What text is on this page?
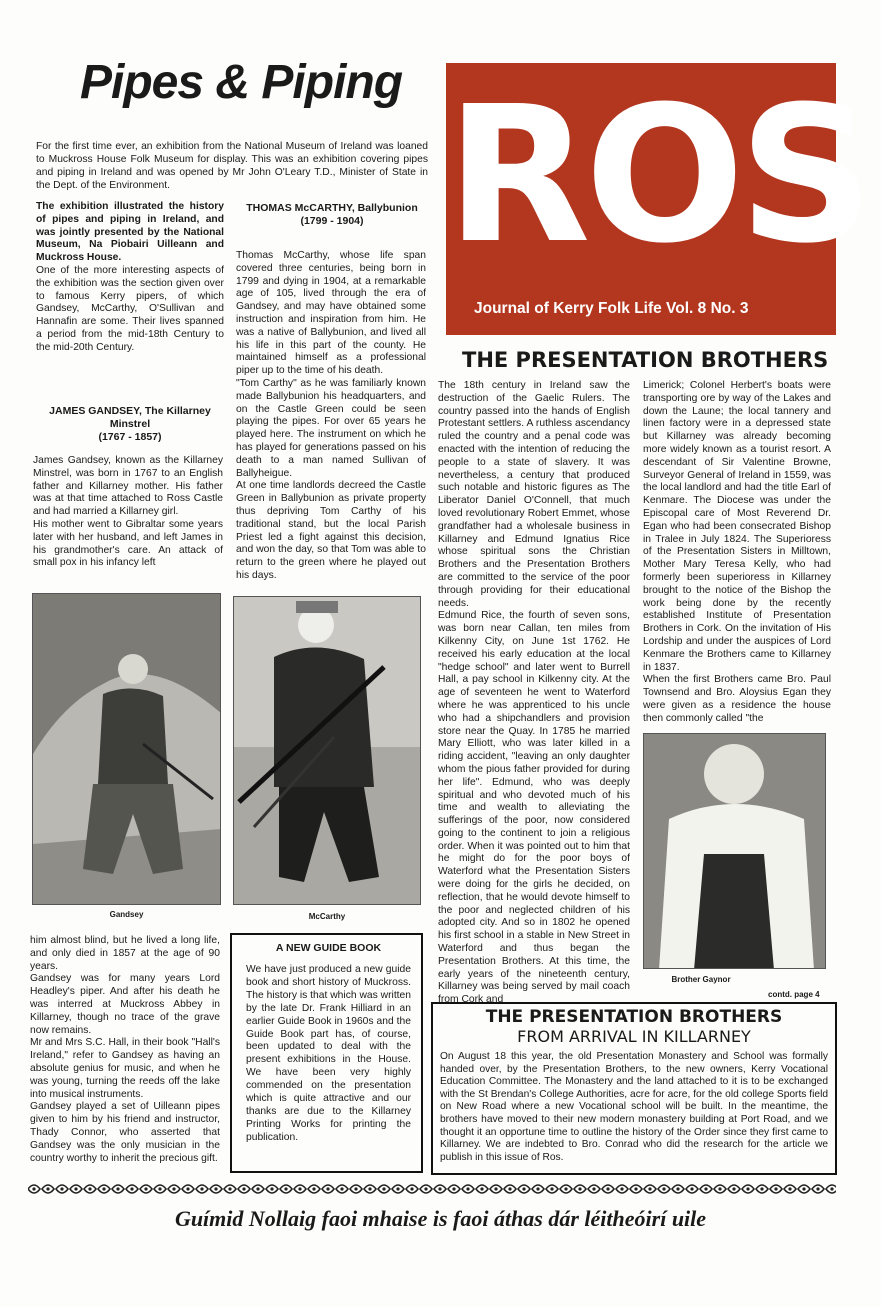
Pipes & Piping
For the first time ever, an exhibition from the National Museum of Ireland was loaned to Muckross House Folk Museum for display. This was an exhibition covering pipes and piping in Ireland and was opened by Mr John O'Leary T.D., Minister of State in the Dept. of the Environment.

The exhibition illustrated the history of pipes and piping in Ireland, and was jointly presented by the National Museum, Na Piobairi Uilleann and Muckross House.

One of the more interesting aspects of the exhibition was the section given over to famous Kerry pipers, of which Gandsey, McCarthy, O'Sullivan and Hannafin are some. Their lives spanned a period from the mid-18th Century to the mid-20th Century.

JAMES GANDSEY, The Killarney Minstrel
(1767 - 1857)

James Gandsey, known as the Killarney Minstrel, was born in 1767 to an English father and Killarney mother. His father was at that time attached to Ross Castle and had married a Killarney girl.

His mother went to Gibraltar some years later with her husband, and left James in his grandmother's care. An attack of small pox in his infancy left

THOMAS McCARTHY, Ballybunion
(1799 - 1904)

Thomas McCarthy, whose life span covered three centuries, being born in 1799 and dying in 1904, at a remarkable age of 105, lived through the era of Gandsey, and may have obtained some instruction and inspiration from him. He was a native of Ballybunion, and lived all his life in this part of the county. He maintained himself as a professional piper up to the time of his death.

"Tom Carthy" as he was familiarly known made Ballybunion his headquarters, and on the Castle Green could be seen playing the pipes. For over 65 years he played here. The instrument on which he has played for generations passed on his death to a man named Sullivan of Ballyheigue.

At one time landlords decreed the Castle Green in Ballybunion as private property thus depriving Tom Carthy of his traditional stand, but the local Parish Priest led a fight against this decision, and won the day, so that Tom was able to return to the green where he played out his days.

Gandsey	McCarthy

him almost blind, but he lived a long life, and only died in 1857 at the age of 90 years.

Gandsey was for many years Lord Headley's piper. And after his death he was interred at Muckross Abbey in Killarney, though no trace of the grave now remains.

Mr and Mrs S.C. Hall, in their book "Hall's Ireland," refer to Gandsey as having an absolute genius for music, and when he was young, turning the reeds off the lake into musical instruments.

Gandsey played a set of Uilleann pipes given to him by his friend and instructor, Thady Connor, who asserted that Gandsey was the only musician in the country worthy to inherit the precious gift.

A NEW GUIDE BOOK
We have just produced a new guide book and short history of Muckross. The history is that which was written by the late Dr. Frank Hilliard in an earlier Guide Book in 1960s and the Guide Book part has, of course, been updated to deal with the present exhibitions in the House. We have been very highly commended on the presentation which is quite attractive and our thanks are due to the Killarney Printing Works for printing the publication.
ROS
Journal of Kerry Folk Life Vol. 8 No. 3
THE PRESENTATION BROTHERS

The 18th century in Ireland saw the destruction of the Gaelic Rulers. The country passed into the hands of English Protestant settlers. A ruthless ascendancy ruled the country and a penal code was enacted with the intention of reducing the people to a state of slavery. It was nevertheless, a century that produced such notable and historic figures as The Liberator Daniel O'Connell, that much loved revolutionary Robert Emmet, whose grandfather had a wholesale business in Killarney and Edmund Ignatius Rice whose spiritual sons the Christian Brothers and the Presentation Brothers are committed to the service of the poor through providing for their educational needs.

Edmund Rice, the fourth of seven sons, was born near Callan, ten miles from Kilkenny City, on June 1st 1762. He received his early education at the local "hedge school" and later went to Burrell Hall, a pay school in Kilkenny city. At the age of seventeen he went to Waterford where he was apprenticed to his uncle who had a shipchandlers and provision store near the Quay. In 1785 he married Mary Elliott, who was later killed in a riding accident, "leaving an only daughter whom the pious father provided for during her life". Edmund, who was deeply spiritual and who devoted much of his time and wealth to alleviating the sufferings of the poor, now considered going to the continent to join a religious order. When it was pointed out to him that he might do for the poor boys of Waterford what the Presentation Sisters were doing for the girls he decided, on reflection, that he would devote himself to the poor and neglected children of his adopted city. And so in 1802 he opened his first school in a stable in New Street in Waterford and thus began the Presentation Brothers. At this time, the early years of the nineteenth century, Killarney was being served by mail coach from Cork and

Limerick; Colonel Herbert's boats were transporting ore by way of the Lakes and down the Laune; the local tannery and linen factory were in a depressed state but Killarney was already becoming more widely known as a tourist resort. A descendant of Sir Valentine Browne, Surveyor General of Ireland in 1559, was the local landlord and had the title Earl of Kenmare. The Diocese was under the Episcopal care of Most Reverend Dr. Egan who had been consecrated Bishop in Tralee in July 1824. The Superioress of the Presentation Sisters in Milltown, Mother Mary Teresa Kelly, who had formerly been superioress in Killarney brought to the notice of the Bishop the work being done by the recently established Institute of Presentation Brothers in Cork. On the invitation of His Lordship and under the auspices of Lord Kenmare the Brothers came to Killarney in 1837.

When the first Brothers came Bro. Paul Townsend and Bro. Aloysius Egan they were given as a residence the house then commonly called "the

Brother Gaynor
contd. page 4
THE PRESENTATION BROTHERS
FROM ARRIVAL IN KILLARNEY
On August 18 this year, the old Presentation Monastery and School was formally handed over, by the Presentation Brothers, to the new owners, Kerry Vocational Education Committee. The Monastery and the land attached to it is to be exchanged with the St Brendan's College Authorities, acre for acre, for the old college Sports field on New Road where a new Vocational school will be built. In the meantime, the brothers have moved to their new modern monastery building at Port Road, and we thought it an opportune time to outline the history of the Order since they first came to Killarney. We are indebted to Bro. Conrad who did the research for the article we publish in this issue of Ros.
Guímid Nollaig faoi mhaise is faoi áthas dár léitheóirí uile
